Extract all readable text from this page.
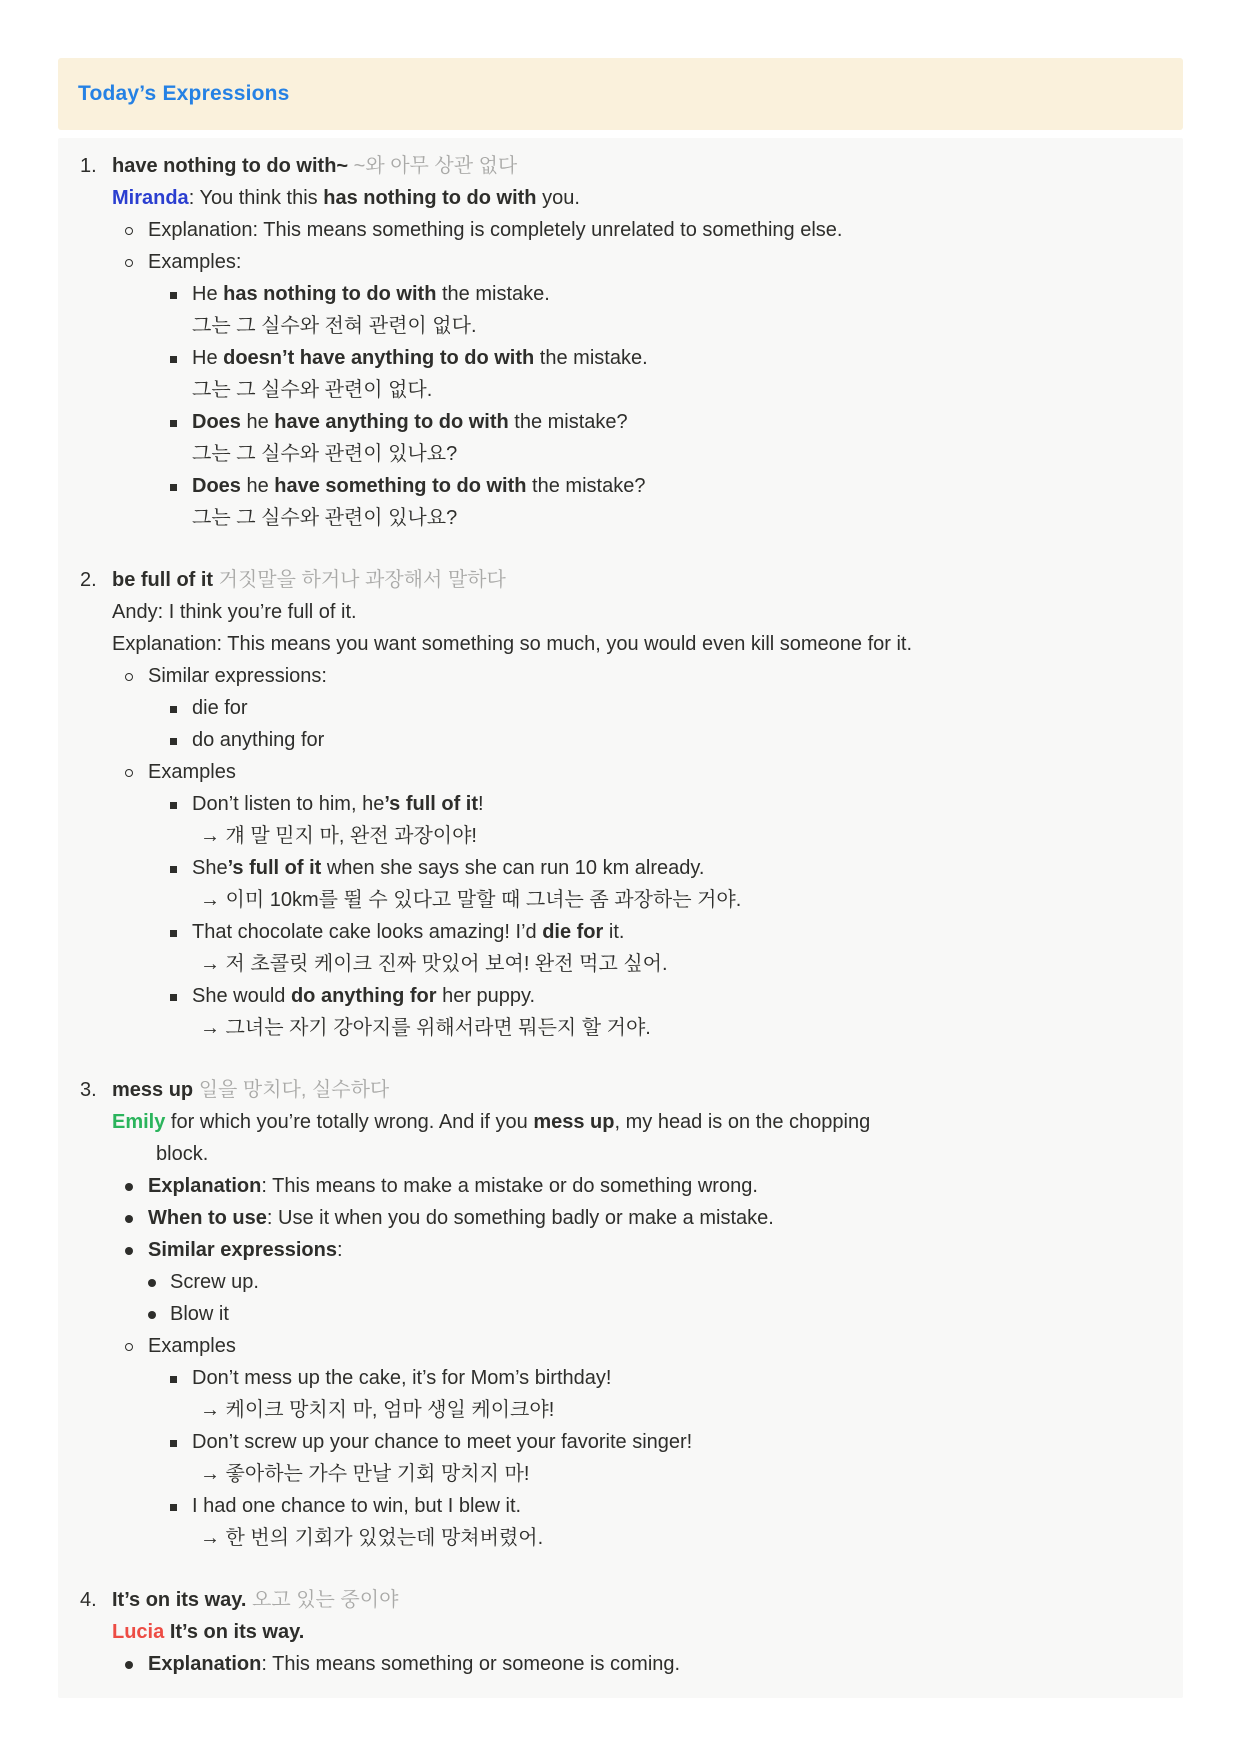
Today’s Expressions
1. have nothing to do with~ ~와 아무 상관 없다
Miranda: You think this has nothing to do with you.
Explanation: This means something is completely unrelated to something else.
Examples:
He has nothing to do with the mistake.
그는 그 실수와 전혀 관련이 없다.
He doesn’t have anything to do with the mistake.
그는 그 실수와 관련이 없다.
Does he have anything to do with the mistake?
그는 그 실수와 관련이 있나요?
Does he have something to do with the mistake?
그는 그 실수와 관련이 있나요?
2. be full of it 거짓말을 하거나 과장해서 말하다
Andy: I think you’re full of it.
Explanation: This means you want something so much, you would even kill someone for it.
Similar expressions:
die for
do anything for
Examples
Don’t listen to him, he’s full of it!
→ 걔 말 믿지 마, 완전 과장이야!
She’s full of it when she says she can run 10 km already.
→ 이미 10km를 뛸 수 있다고 말할 때 그녀는 좀 과장하는 거야.
That chocolate cake looks amazing! I’d die for it.
→ 저 초콜릿 케이크 진짜 맛있어 보여! 완전 먹고 싶어.
She would do anything for her puppy.
→ 그녀는 자기 강아지를 위해서라면 뭐든지 할 거야.
3. mess up 일을 망치다, 실수하다
Emily for which you’re totally wrong. And if you mess up, my head is on the chopping
block.
Explanation: This means to make a mistake or do something wrong.
When to use: Use it when you do something badly or make a mistake.
Similar expressions:
Screw up.
Blow it
Examples
Don’t mess up the cake, it’s for Mom’s birthday!
→ 케이크 망치지 마, 엄마 생일 케이크야!
Don’t screw up your chance to meet your favorite singer!
→ 좋아하는 가수 만날 기회 망치지 마!
I had one chance to win, but I blew it.
→ 한 번의 기회가 있었는데 망쳐버렸어.
4. It’s on its way. 오고 있는 중이야
Lucia It’s on its way.
Explanation: This means something or someone is coming.
